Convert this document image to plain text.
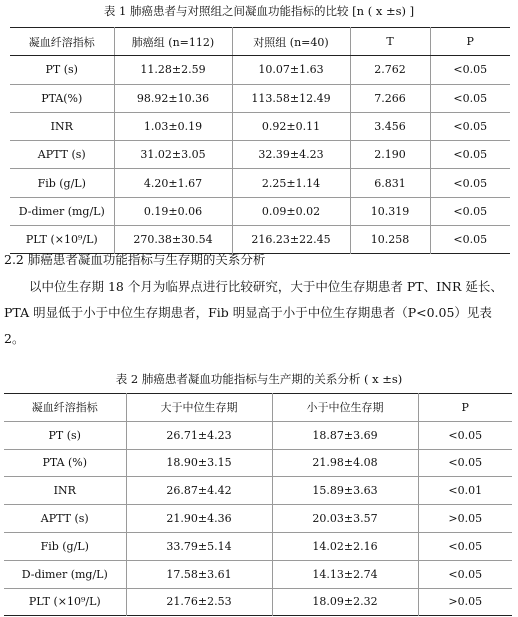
表 1 肺癌患者与对照组之间凝血功能指标的比较 [n ( x ±s) ]
凝血纤溶指标	肺癌组 (n=112)	对照组 (n=40)	T	P
PT (s)	11.28±2.59	10.07±1.63	2.762	<0.05
PTA(%)	98.92±10.36	113.58±12.49	7.266	<0.05
INR	1.03±0.19	0.92±0.11	3.456	<0.05
APTT (s)	31.02±3.05	32.39±4.23	2.190	<0.05
Fib (g/L)	4.20±1.67	2.25±1.14	6.831	<0.05
D-dimer (mg/L)	0.19±0.06	0.09±0.02	10.319	<0.05
PLT (×10⁹/L)	270.38±30.54	216.23±22.45	10.258	<0.05
2.2 肺癌患者凝血功能指标与生存期的关系分析
以中位生存期 18 个月为临界点进行比较研究，大于中位生存期患者 PT、INR 延长、PTA 明显低于小于中位生存期患者，Fib 明显高于小于中位生存期患者（P<0.05）见表 2。
表 2 肺癌患者凝血功能指标与生产期的关系分析 ( x ±s)
凝血纤溶指标	大于中位生存期	小于中位生存期	P
PT (s)	26.71±4.23	18.87±3.69	<0.05
PTA (%)	18.90±3.15	21.98±4.08	<0.05
INR	26.87±4.42	15.89±3.63	<0.01
APTT (s)	21.90±4.36	20.03±3.57	>0.05
Fib (g/L)	33.79±5.14	14.02±2.16	<0.05
D-dimer (mg/L)	17.58±3.61	14.13±2.74	<0.05
PLT (×10⁹/L)	21.76±2.53	18.09±2.32	>0.05
